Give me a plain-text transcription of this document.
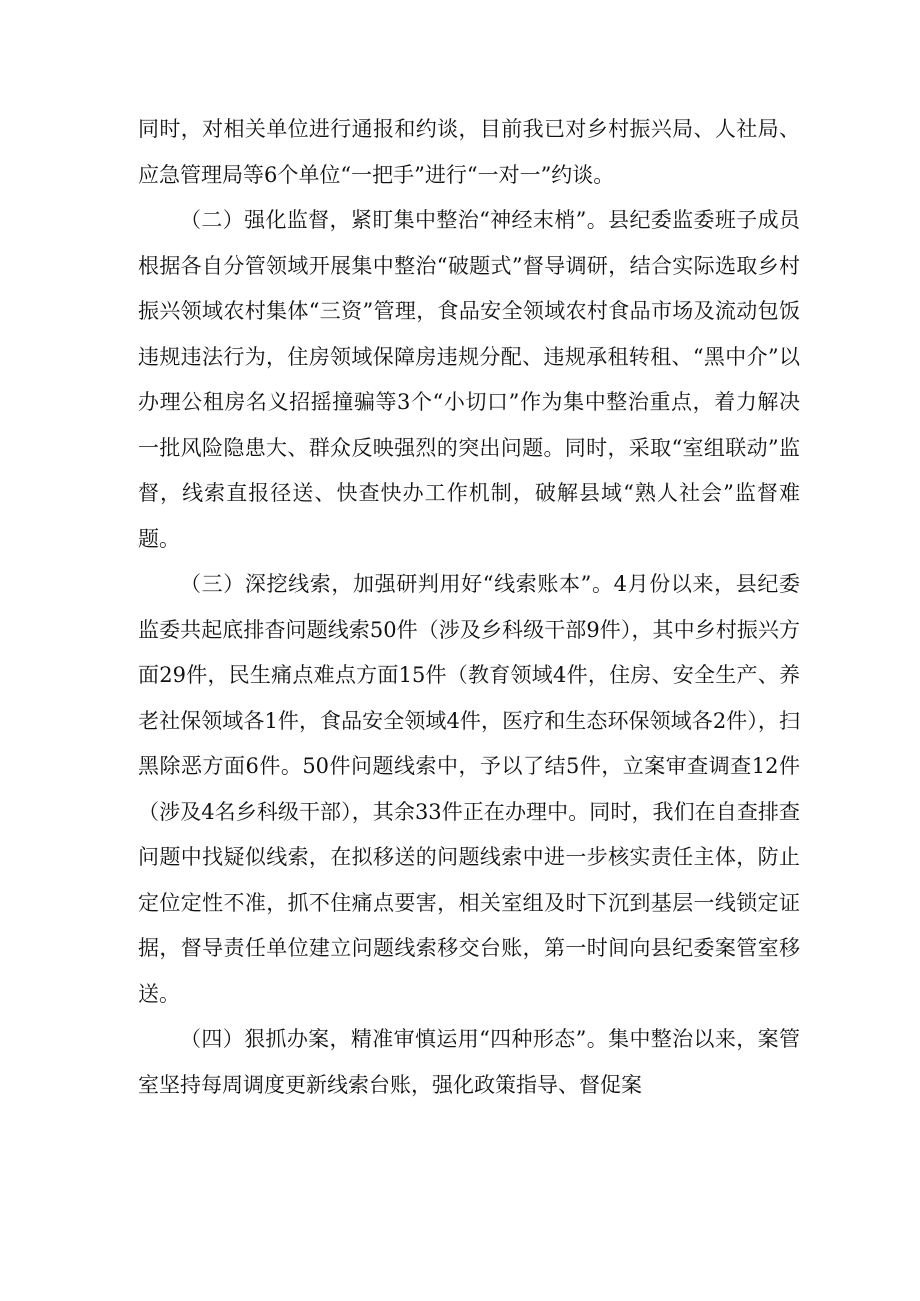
同时，对相关单位进行通报和约谈，目前我已对乡村振兴局、人社局、应急管理局等6个单位“一把手”进行“一对一”约谈。

（二）强化监督，紧盯集中整治“神经末梢”。县纪委监委班子成员根据各自分管领域开展集中整治“破题式”督导调研，结合实际选取乡村振兴领域农村集体“三资”管理，食品安全领域农村食品市场及流动包饭违规违法行为，住房领域保障房违规分配、违规承租转租、“黑中介”以办理公租房名义招摇撞骗等3个“小切口”作为集中整治重点，着力解决一批风险隐患大、群众反映强烈的突出问题。同时，采取“室组联动”监督，线索直报径送、快查快办工作机制，破解县域“熟人社会”监督难题。

（三）深挖线索，加强研判用好“线索账本”。4月份以来，县纪委监委共起底排杳问题线索50件（涉及乡科级干部9件），其中乡村振兴方面29件，民生痛点难点方面15件（教育领域4件，住房、安全生产、养老社保领域各1件，食品安全领域4件，医疗和生态环保领域各2件），扫黑除恶方面6件。50件问题线索中，予以了结5件，立案审查调查12件（涉及4名乡科级干部），其余33件正在办理中。同时，我们在自查排查问题中找疑似线索，在拟移送的问题线索中进一步核实责任主体，防止定位定性不准，抓不住痛点要害，相关室组及时下沉到基层一线锁定证据，督导责任单位建立问题线索移交台账，第一时间向县纪委案管室移送。

（四）狠抓办案，精准审慎运用“四种形态”。集中整治以来，案管室坚持每周调度更新线索台账，强化政策指导、督促案
